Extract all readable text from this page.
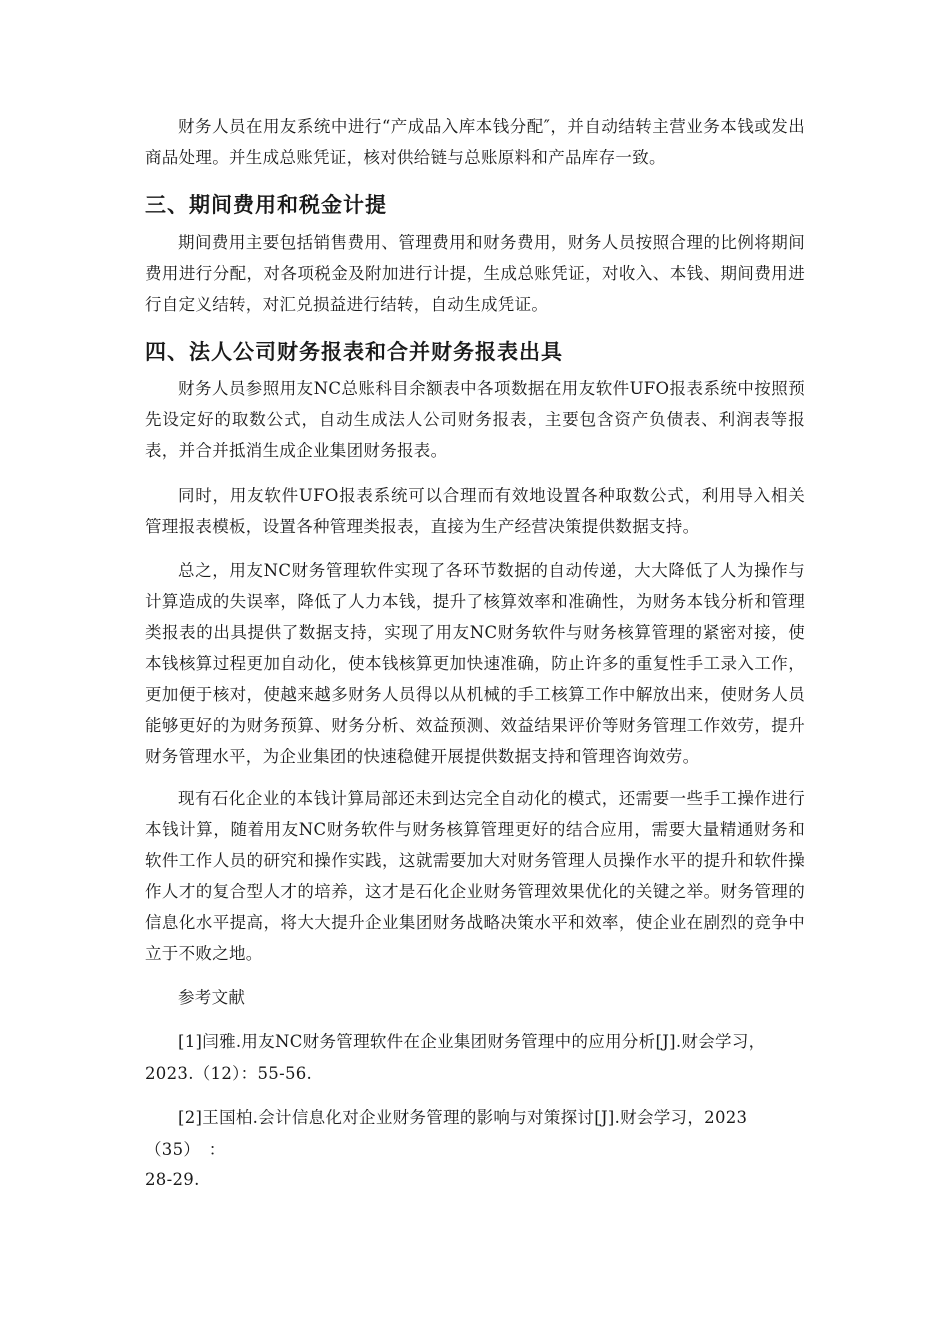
财务人员在用友系统中进行“产成品入库本钱分配″，并自动结转主营业务本钱或发出商品处理。并生成总账凭证，核对供给链与总账原料和产品库存一致。

三、期间费用和税金计提

期间费用主要包括销售费用、管理费用和财务费用，财务人员按照合理的比例将期间费用进行分配，对各项税金及附加进行计提，生成总账凭证，对收入、本钱、期间费用进行自定义结转，对汇兑损益进行结转，自动生成凭证。

四、法人公司财务报表和合并财务报表出具

财务人员参照用友NC总账科目余额表中各项数据在用友软件UFO报表系统中按照预先设定好的取数公式，自动生成法人公司财务报表，主要包含资产负债表、利润表等报表，并合并抵消生成企业集团财务报表。

同时，用友软件UFO报表系统可以合理而有效地设置各种取数公式，利用导入相关管理报表模板，设置各种管理类报表，直接为生产经营决策提供数据支持。

总之，用友NC财务管理软件实现了各环节数据的自动传递，大大降低了人为操作与计算造成的失误率，降低了人力本钱，提升了核算效率和准确性，为财务本钱分析和管理类报表的出具提供了数据支持，实现了用友NC财务软件与财务核算管理的紧密对接，使本钱核算过程更加自动化，使本钱核算更加快速准确，防止许多的重复性手工录入工作，更加便于核对，使越来越多财务人员得以从机械的手工核算工作中解放出来，使财务人员能够更好的为财务预算、财务分析、效益预测、效益结果评价等财务管理工作效劳，提升财务管理水平，为企业集团的快速稳健开展提供数据支持和管理咨询效劳。

现有石化企业的本钱计算局部还未到达完全自动化的模式，还需要一些手工操作进行本钱计算，随着用友NC财务软件与财务核算管理更好的结合应用，需要大量精通财务和软件工作人员的研究和操作实践，这就需要加大对财务管理人员操作水平的提升和软件操作人才的复合型人才的培养，这才是石化企业财务管理效果优化的关键之举。财务管理的信息化水平提高，将大大提升企业集团财务战略决策水平和效率，使企业在剧烈的竞争中立于不败之地。

参考文献
[1]闫雅.用友NC财务管理软件在企业集团财务管理中的应用分析[J].财会学习，
2023.（12）：55-56.
[2]王国柏.会计信息化对企业财务管理的影响与对策探讨[J].财会学习，2023
（35）　：
28-29.
